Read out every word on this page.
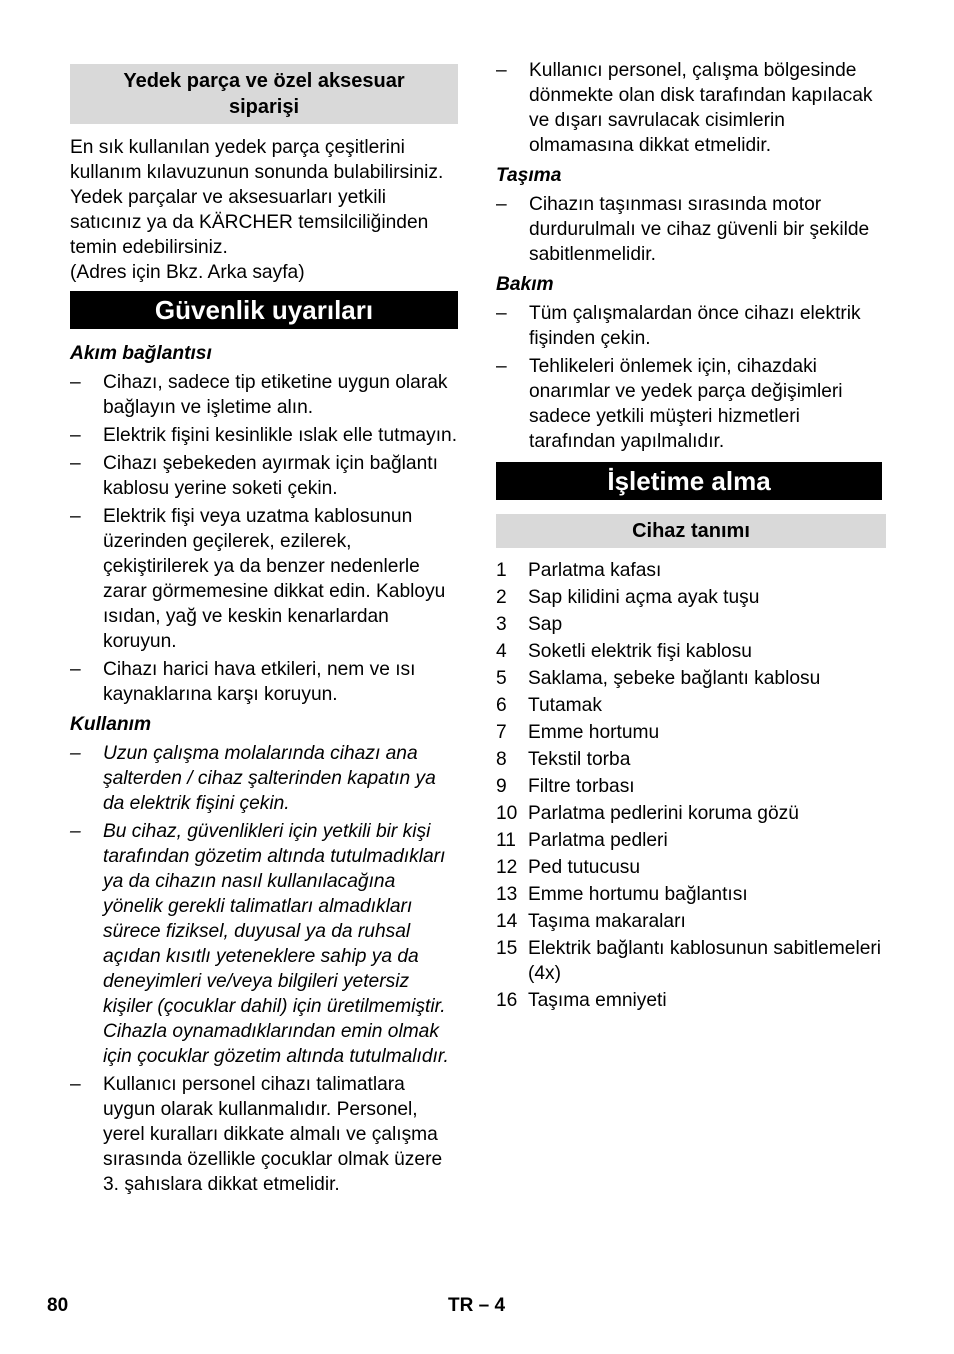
Yedek parça ve özel aksesuar siparişi

En sık kullanılan yedek parça çeşitlerini kullanım kılavuzunun sonunda bulabilirsiniz.

Yedek parçalar ve aksesuarları yetkili satıcınız ya da KÄRCHER temsilciliğinden temin edebilirsiniz.

(Adres için Bkz. Arka sayfa)

Güvenlik uyarıları
Akım bağlantısı
– Cihazı, sadece tip etiketine uygun olarak bağlayın ve işletime alın.
– Elektrik fişini kesinlikle ıslak elle tutmayın.
– Cihazı şebekeden ayırmak için bağlantı kablosu yerine soketi çekin.
– Elektrik fişi veya uzatma kablosunun üzerinden geçilerek, ezilerek, çekiştirilerek ya da benzer nedenlerle zarar görmemesine dikkat edin. Kabloyu ısıdan, yağ ve keskin kenarlardan koruyun.
– Cihazı harici hava etkileri, nem ve ısı kaynaklarına karşı koruyun.
Kullanım
– Uzun çalışma molalarında cihazı ana şalterden / cihaz şalterinden kapatın ya da elektrik fişini çekin.
– Bu cihaz, güvenlikleri için yetkili bir kişi tarafından gözetim altında tutulmadıkları ya da cihazın nasıl kullanılacağına yönelik gerekli talimatları almadıkları sürece fiziksel, duyusal ya da ruhsal açıdan kısıtlı yeteneklere sahip ya da deneyimleri ve/veya bilgileri yetersiz kişiler (çocuklar dahil) için üretilmemiştir. Cihazla oynamadıklarından emin olmak için çocuklar gözetim altında tutulmalıdır.
– Kullanıcı personel cihazı talimatlara uygun olarak kullanmalıdır. Personel, yerel kuralları dikkate almalı ve çalışma sırasında özellikle çocuklar olmak üzere 3. şahıslara dikkat etmelidir.
– Kullanıcı personel, çalışma bölgesinde dönmekte olan disk tarafından kapılacak ve dışarı savrulacak cisimlerin olmamasına dikkat etmelidir.
Taşıma
– Cihazın taşınması sırasında motor durdurulmalı ve cihaz güvenli bir şekilde sabitlenmelidir.
Bakım
– Tüm çalışmalardan önce cihazı elektrik fişinden çekin.
– Tehlikeleri önlemek için, cihazdaki onarımlar ve yedek parça değişimleri sadece yetkili müşteri hizmetleri tarafından yapılmalıdır.
İşletime alma
Cihaz tanımı
1	Parlatma kafası
2	Sap kilidini açma ayak tuşu
3	Sap
4	Soketli elektrik fişi kablosu
5	Saklama, şebeke bağlantı kablosu
6	Tutamak
7	Emme hortumu
8	Tekstil torba
9	Filtre torbası
10 Parlatma pedlerini koruma gözü
11 Parlatma pedleri
12 Ped tutucusu
13 Emme hortumu bağlantısı
14 Taşıma makaraları
15 Elektrik bağlantı kablosunun sabitlemeleri (4x)
16 Taşıma emniyeti
80	TR – 4
